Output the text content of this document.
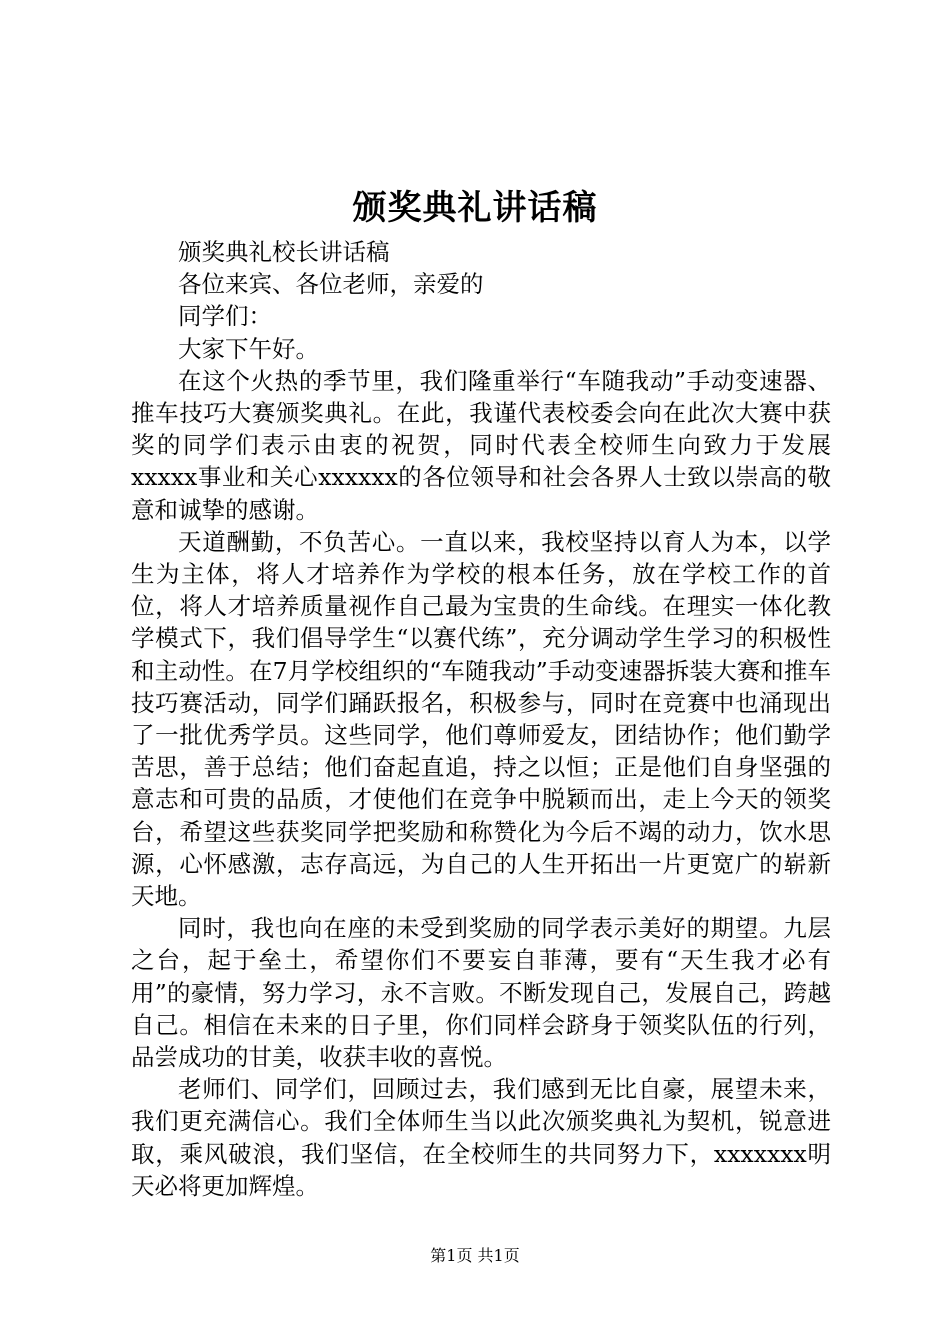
颁奖典礼讲话稿

颁奖典礼校长讲话稿

各位来宾、各位老师，亲爱的

同学们：

大家下午好。

在这个火热的季节里，我们隆重举行“车随我动”手动变速器、推车技巧大赛颁奖典礼。在此，我谨代表校委会向在此次大赛中获奖的同学们表示由衷的祝贺，同时代表全校师生向致力于发展xxxxx事业和关心xxxxxx的各位领导和社会各界人士致以崇高的敬意和诚挚的感谢。

天道酬勤，不负苦心。一直以来，我校坚持以育人为本，以学生为主体，将人才培养作为学校的根本任务，放在学校工作的首位，将人才培养质量视作自己最为宝贵的生命线。在理实一体化教学模式下，我们倡导学生“以赛代练”，充分调动学生学习的积极性和主动性。在7月学校组织的“车随我动”手动变速器拆装大赛和推车技巧赛活动，同学们踊跃报名，积极参与，同时在竞赛中也涌现出了一批优秀学员。这些同学，他们尊师爱友，团结协作；他们勤学苦思，善于总结；他们奋起直追，持之以恒；正是他们自身坚强的意志和可贵的品质，才使他们在竞争中脱颖而出，走上今天的领奖台，希望这些获奖同学把奖励和称赞化为今后不竭的动力，饮水思源，心怀感激，志存高远，为自己的人生开拓出一片更宽广的崭新天地。

同时，我也向在座的未受到奖励的同学表示美好的期望。九层之台，起于垒土，希望你们不要妄自菲薄，要有“天生我才必有用”的豪情，努力学习，永不言败。不断发现自己，发展自己，跨越自己。相信在未来的日子里，你们同样会跻身于领奖队伍的行列，品尝成功的甘美，收获丰收的喜悦。

老师们、同学们，回顾过去，我们感到无比自豪，展望未来，我们更充满信心。我们全体师生当以此次颁奖典礼为契机，锐意进取，乘风破浪，我们坚信，在全校师生的共同努力下，xxxxxxx明天必将更加辉煌。

第1页 共1页
